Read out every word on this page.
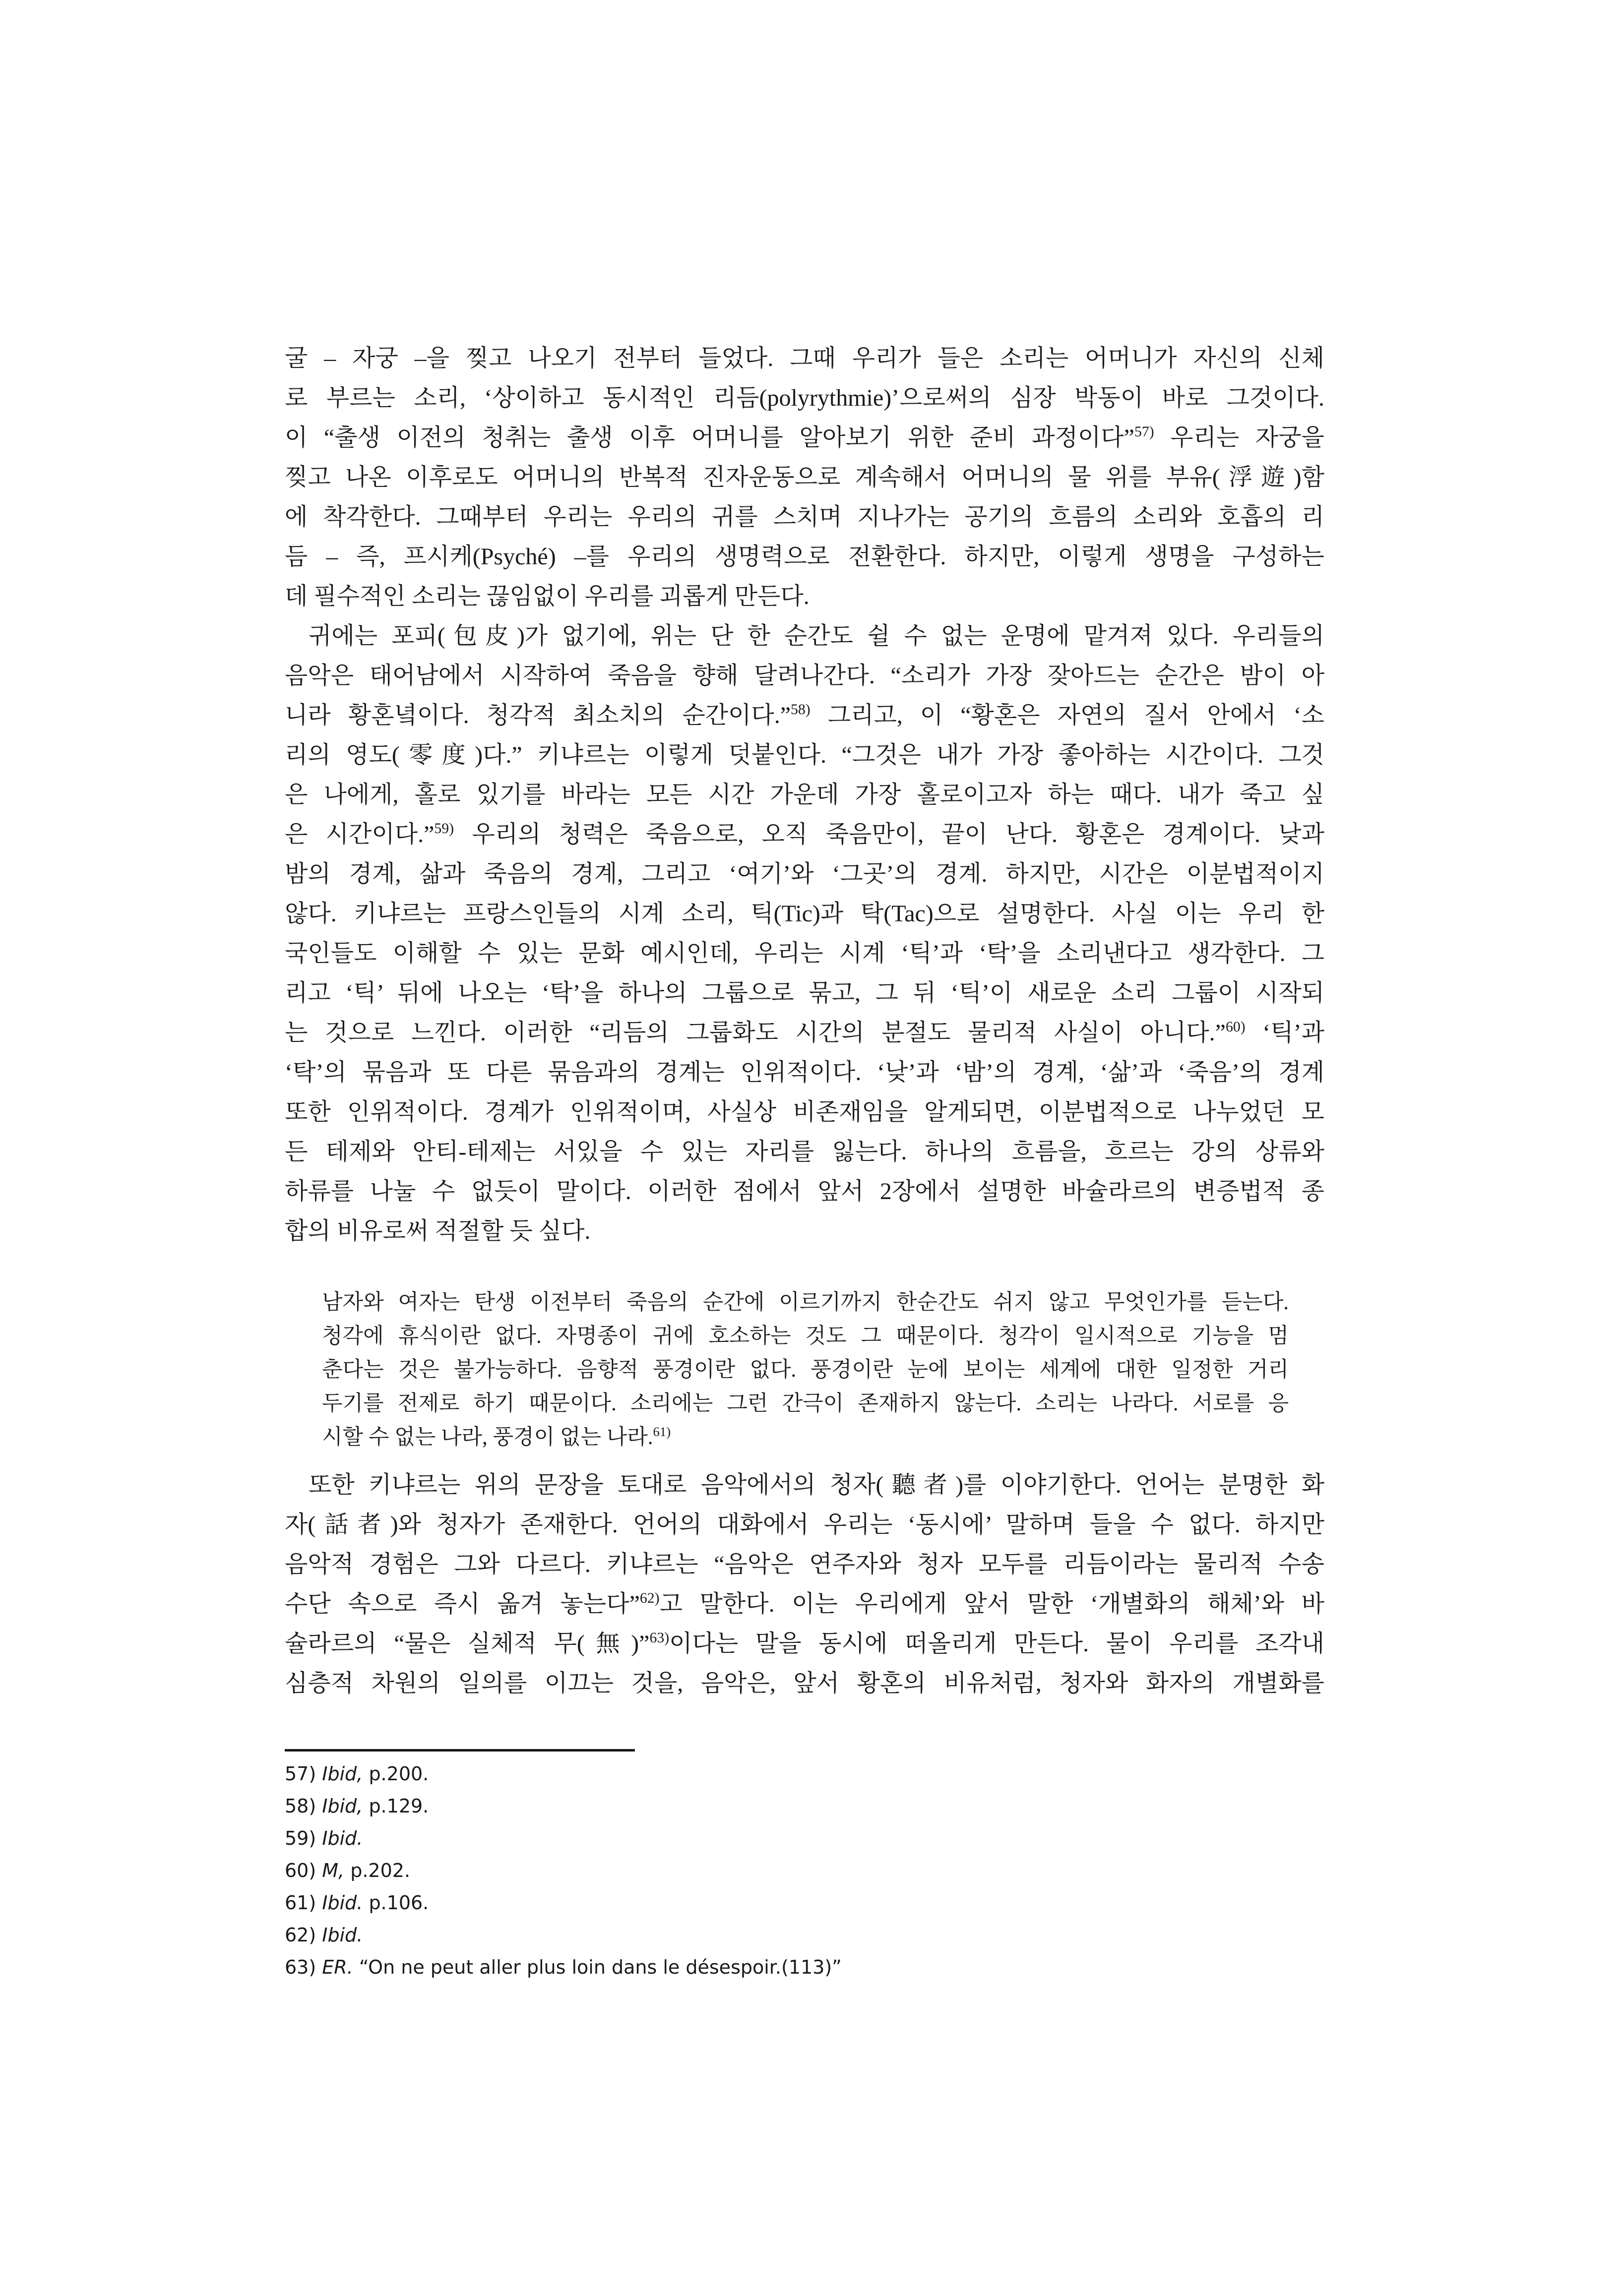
굴 – 자궁 –을 찢고 나오기 전부터 들었다. 그때 우리가 들은 소리는 어머니가 자신의 신체
로 부르는 소리, ‘상이하고 동시적인 리듬(polyrythmie)’으로써의 심장 박동이 바로 그것이다.
이 “출생 이전의 청취는 출생 이후 어머니를 알아보기 위한 준비 과정이다”$^{57)}$ 우리는 자궁을
찢고 나온 이후로도 어머니의 반복적 진자운동으로 계속해서 어머니의 물 위를 부유(浮遊)함
에 착각한다. 그때부터 우리는 우리의 귀를 스치며 지나가는 공기의 흐름의 소리와 호흡의 리
듬 – 즉, 프시케(Psyché) –를 우리의 생명력으로 전환한다. 하지만, 이렇게 생명을 구성하는
데 필수적인 소리는 끊임없이 우리를 괴롭게 만든다.
귀에는 포피(包皮)가 없기에, 위는 단 한 순간도 쉴 수 없는 운명에 맡겨져 있다. 우리들의
음악은 태어남에서 시작하여 죽음을 향해 달려나간다. “소리가 가장 잦아드는 순간은 밤이 아
니라 황혼녘이다. 청각적 최소치의 순간이다.”$^{58)}$ 그리고, 이 “황혼은 자연의 질서 안에서 ‘소
리의 영도(零度)다.” 키냐르는 이렇게 덧붙인다. “그것은 내가 가장 좋아하는 시간이다. 그것
은 나에게, 홀로 있기를 바라는 모든 시간 가운데 가장 홀로이고자 하는 때다. 내가 죽고 싶
은 시간이다.”$^{59)}$ 우리의 청력은 죽음으로, 오직 죽음만이, 끝이 난다. 황혼은 경계이다. 낮과
밤의 경계, 삶과 죽음의 경계, 그리고 ‘여기’와 ‘그곳’의 경계. 하지만, 시간은 이분법적이지
않다. 키냐르는 프랑스인들의 시계 소리, 틱(Tic)과 탁(Tac)으로 설명한다. 사실 이는 우리 한
국인들도 이해할 수 있는 문화 예시인데, 우리는 시계 ‘틱’과 ‘탁’을 소리낸다고 생각한다. 그
리고 ‘틱’ 뒤에 나오는 ‘탁’을 하나의 그룹으로 묶고, 그 뒤 ‘틱’이 새로운 소리 그룹이 시작되
는 것으로 느낀다. 이러한 “리듬의 그룹화도 시간의 분절도 물리적 사실이 아니다.”$^{60)}$ ‘틱’과
‘탁’의 묶음과 또 다른 묶음과의 경계는 인위적이다. ‘낮’과 ‘밤’의 경계, ‘삶’과 ‘죽음’의 경계
또한 인위적이다. 경계가 인위적이며, 사실상 비존재임을 알게되면, 이분법적으로 나누었던 모
든 테제와 안티-테제는 서있을 수 있는 자리를 잃는다. 하나의 흐름을, 흐르는 강의 상류와
하류를 나눌 수 없듯이 말이다. 이러한 점에서 앞서 2장에서 설명한 바슐라르의 변증법적 종
합의 비유로써 적절할 듯 싶다.
남자와 여자는 탄생 이전부터 죽음의 순간에 이르기까지 한순간도 쉬지 않고 무엇인가를 듣는다.
청각에 휴식이란 없다. 자명종이 귀에 호소하는 것도 그 때문이다. 청각이 일시적으로 기능을 멈
춘다는 것은 불가능하다. 음향적 풍경이란 없다. 풍경이란 눈에 보이는 세계에 대한 일정한 거리
두기를 전제로 하기 때문이다. 소리에는 그런 간극이 존재하지 않는다. 소리는 나라다. 서로를 응
시할 수 없는 나라, 풍경이 없는 나라.$^{61)}$
또한 키냐르는 위의 문장을 토대로 음악에서의 청자(聽者)를 이야기한다. 언어는 분명한 화
자(話者)와 청자가 존재한다. 언어의 대화에서 우리는 ‘동시에’ 말하며 들을 수 없다. 하지만
음악적 경험은 그와 다르다. 키냐르는 “음악은 연주자와 청자 모두를 리듬이라는 물리적 수송
수단 속으로 즉시 옮겨 놓는다”$^{62)}$고 말한다. 이는 우리에게 앞서 말한 ‘개별화의 해체’와 바
슐라르의 “물은 실체적 무(無)”$^{63)}$이다는 말을 동시에 떠올리게 만든다. 물이 우리를 조각내
심층적 차원의 일의를 이끄는 것을, 음악은, 앞서 황혼의 비유처럼, 청자와 화자의 개별화를
57) Ibid, p.200.
58) Ibid, p.129.
59) Ibid.
60) M, p.202.
61) Ibid. p.106.
62) Ibid.
63) ER. “On ne peut aller plus loin dans le désespoir.(113)”
